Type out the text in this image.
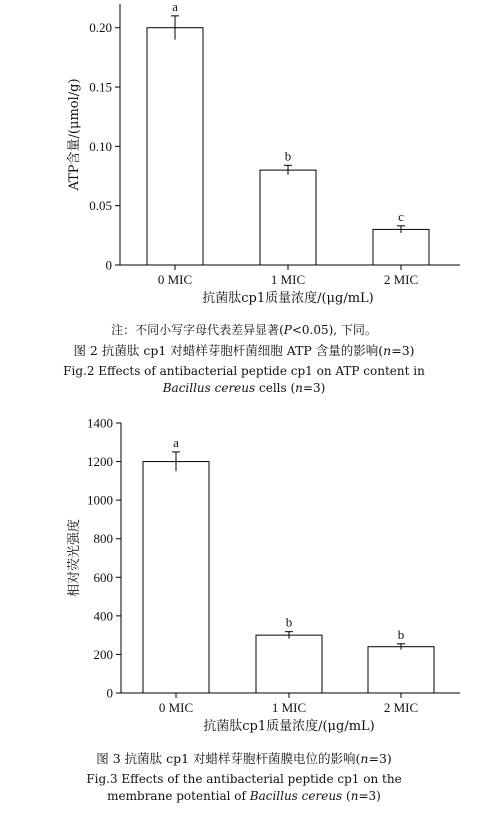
0
0.05
0.10
0.15
0.20
ATP含量/(μmol/g)
a
0 MIC
b
1 MIC
c
2 MIC
抗菌肽cp1质量浓度/(μg/mL)

注：不同小写字母代表差异显著(P<0.05), 下同。

图 2 抗菌肽 cp1 对蜡样芽胞杆菌细胞 ATP 含量的影响(n=3)

Fig.2 Effects of antibacterial peptide cp1 on ATP content in

Bacillus cereus cells (n=3)

0
200
400
600
800
1000
1200
1400
相对荧光强度
a
0 MIC
b
1 MIC
b
2 MIC
抗菌肽cp1质量浓度/(μg/mL)

图 3 抗菌肽 cp1 对蜡样芽胞杆菌膜电位的影响(n=3)

Fig.3 Effects of the antibacterial peptide cp1 on the

membrane potential of Bacillus cereus (n=3)
